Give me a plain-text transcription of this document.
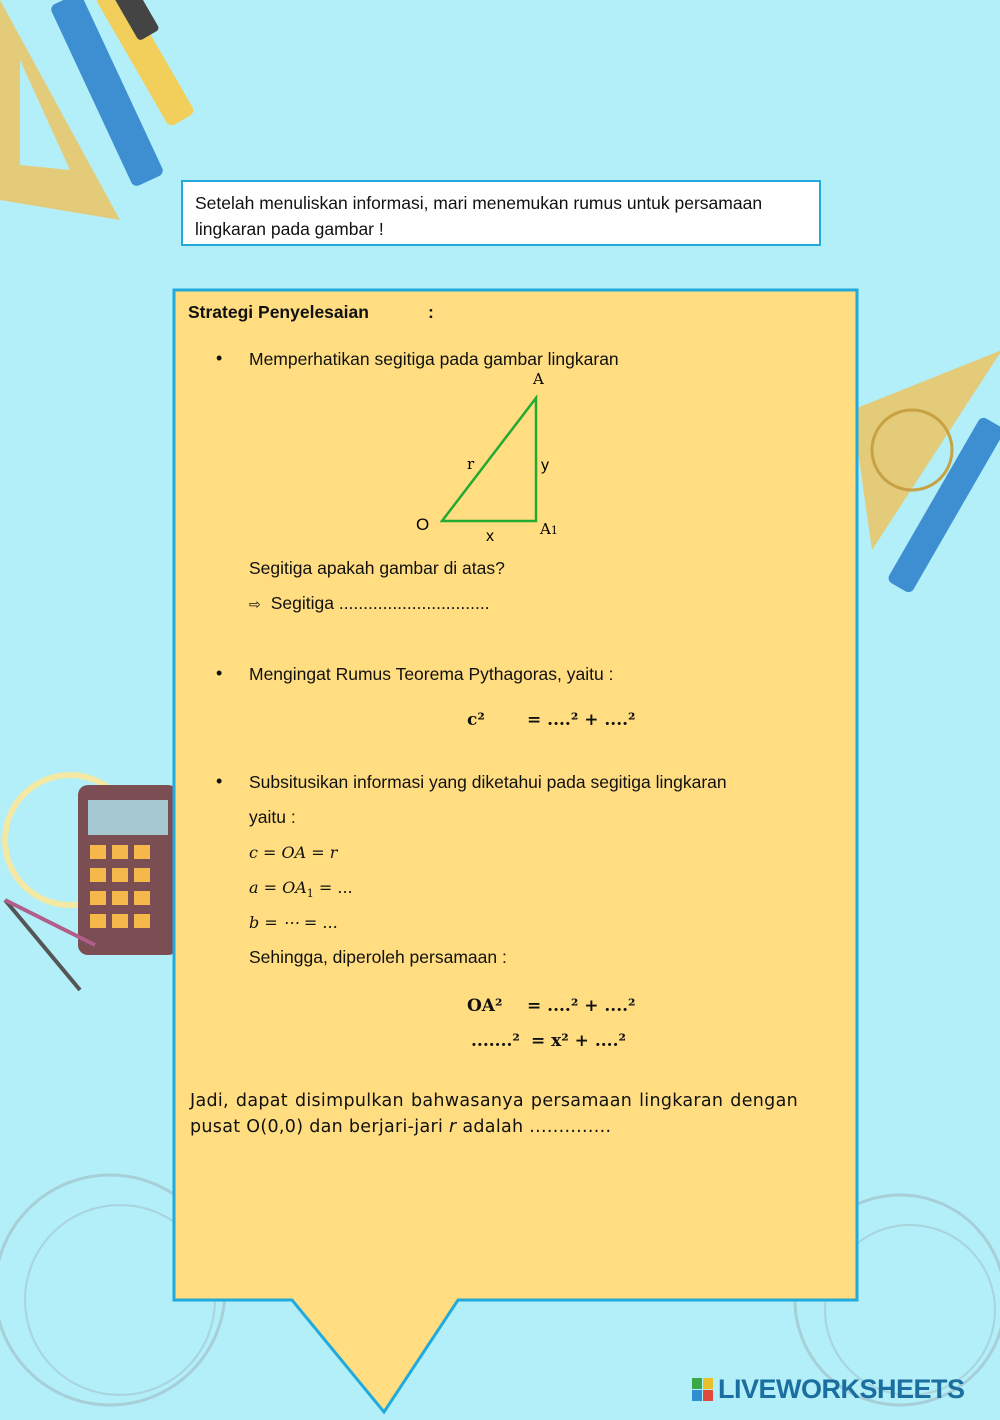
Setelah menuliskan informasi, mari menemukan rumus untuk persamaan lingkaran pada gambar !
Strategi Penyelesaian	:
• Memperhatikan segitiga pada gambar lingkaran
A
O	A1
r	y
x
Segitiga apakah gambar di atas?
⇨ Segitiga ...............................
• Mengingat Rumus Teorema Pythagoras, yaitu :
c² = ....² + ....²
• Subsitusikan informasi yang diketahui pada segitiga lingkaran
yaitu :
c = OA = r
$a = OA_1$ = ...
b = ⋯ = ...
Sehingga, diperoleh persamaan :
OA² = ....² + ....²
.......² = x² + ....²
Jadi, dapat disimpulkan bahwasanya persamaan lingkaran dengan pusat O(0,0) dan berjari-jari r adalah ..............
LIVEWORKSHEETS
